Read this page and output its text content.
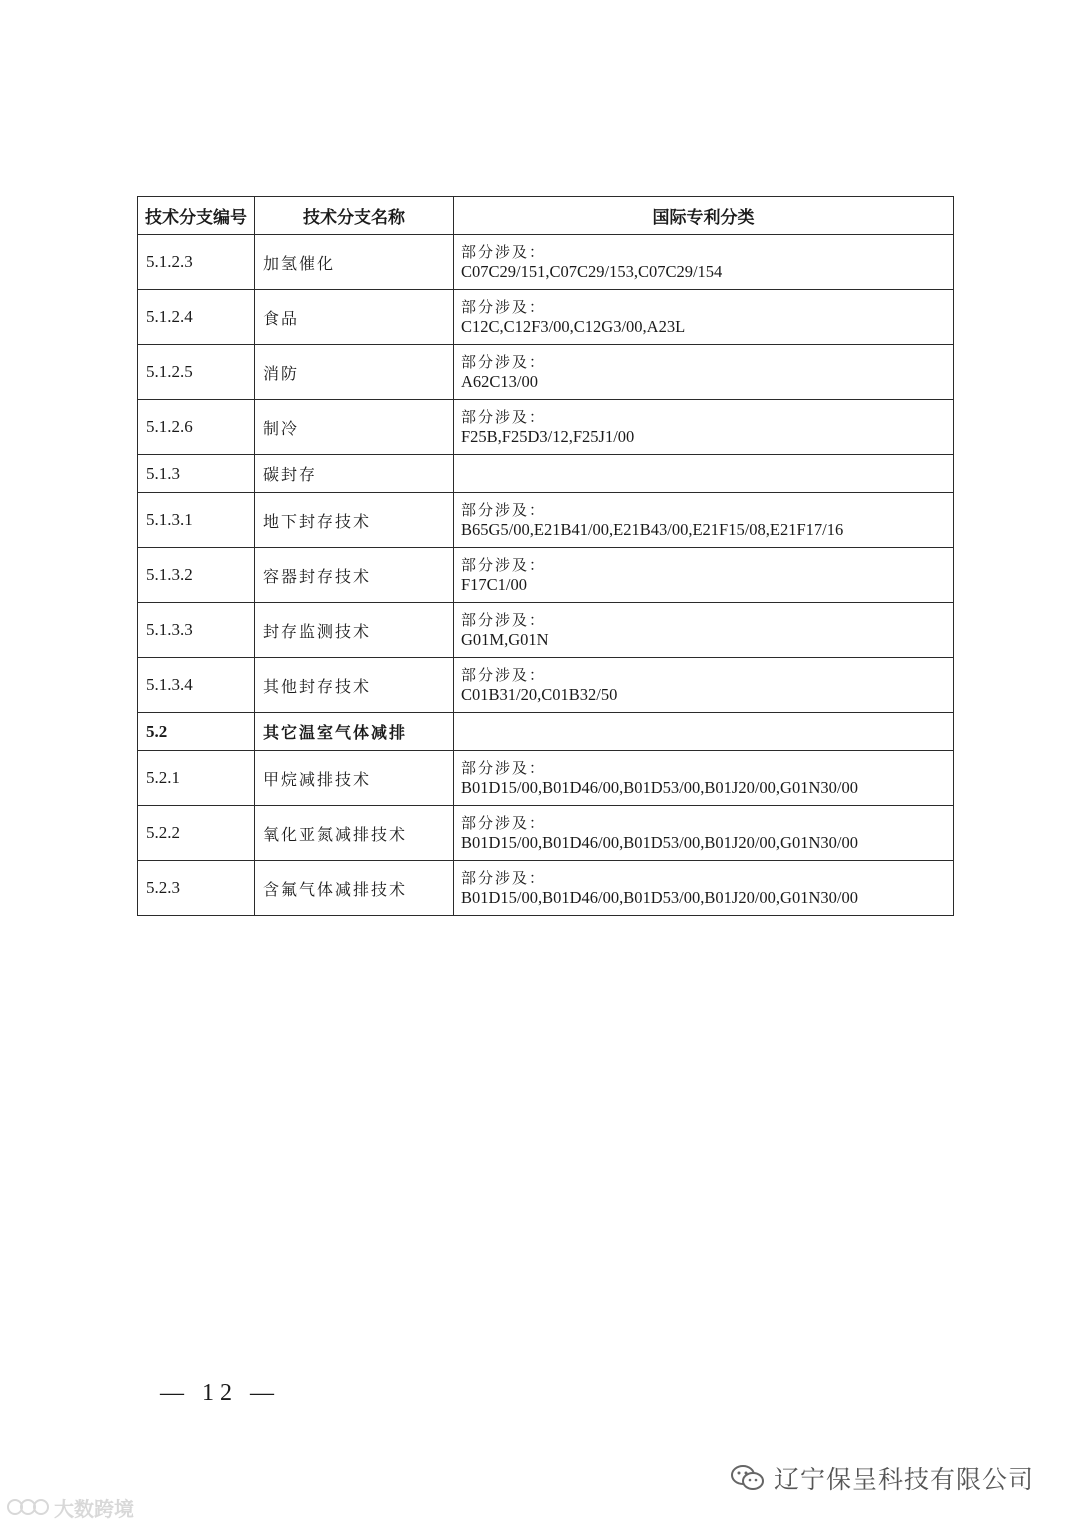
技术分支编号	技术分支名称	国际专利分类
5.1.2.3	加氢催化	部分涉及：
C07C29/151,C07C29/153,C07C29/154

5.1.2.4	食品	部分涉及：
C12C,C12F3/00,C12G3/00,A23L

5.1.2.5	消防	部分涉及：
A62C13/00

5.1.2.6	制冷	部分涉及：
F25B,F25D3/12,F25J1/00

5.1.3	碳封存	
5.1.3.1	地下封存技术	部分涉及：
B65G5/00,E21B41/00,E21B43/00,E21F15/08,E21F17/16

5.1.3.2	容器封存技术	部分涉及：
F17C1/00

5.1.3.3	封存监测技术	部分涉及：
G01M,G01N

5.1.3.4	其他封存技术	部分涉及：
C01B31/20,C01B32/50

5.2	其它温室气体减排	
5.2.1	甲烷减排技术	部分涉及：
B01D15/00,B01D46/00,B01D53/00,B01J20/00,G01N30/00

5.2.2	氧化亚氮减排技术	部分涉及：
B01D15/00,B01D46/00,B01D53/00,B01J20/00,G01N30/00

5.2.3	含氟气体减排技术	部分涉及：
B01D15/00,B01D46/00,B01D53/00,B01J20/00,G01N30/00
— 12 —
辽宁保呈科技有限公司
大数跨境
